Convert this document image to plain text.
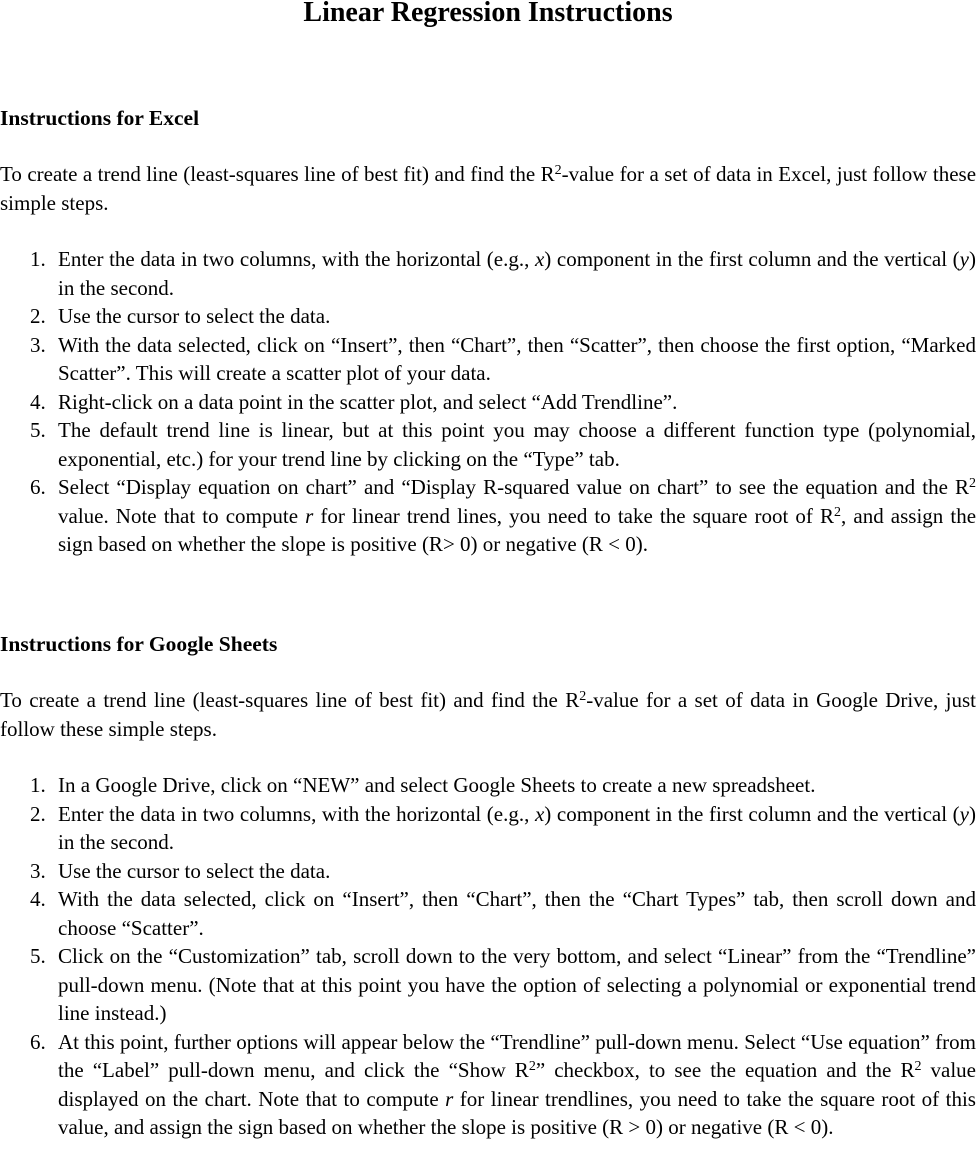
Linear Regression Instructions
Instructions for Excel
To create a trend line (least-squares line of best fit) and find the $R^2$-value for a set of data in Excel, just follow these simple steps.
1. Enter the data in two columns, with the horizontal (e.g., x) component in the first column and the vertical (y) in the second.
2. Use the cursor to select the data.
3. With the data selected, click on “Insert”, then “Chart”, then “Scatter”, then choose the first option, “Marked Scatter”. This will create a scatter plot of your data.
4. Right-click on a data point in the scatter plot, and select “Add Trendline”.
5. The default trend line is linear, but at this point you may choose a different function type (polynomial, exponential, etc.) for your trend line by clicking on the “Type” tab.
6. Select “Display equation on chart” and “Display R-squared value on chart” to see the equation and the $R^2$ value. Note that to compute r for linear trend lines, you need to take the square root of $R^2$, and assign the sign based on whether the slope is positive (R> 0) or negative (R < 0).
Instructions for Google Sheets
To create a trend line (least-squares line of best fit) and find the $R^2$-value for a set of data in Google Drive, just follow these simple steps.
1. In a Google Drive, click on “NEW” and select Google Sheets to create a new spreadsheet.
2. Enter the data in two columns, with the horizontal (e.g., x) component in the first column and the vertical (y) in the second.
3. Use the cursor to select the data.
4. With the data selected, click on “Insert”, then “Chart”, then the “Chart Types” tab, then scroll down and choose “Scatter”.
5. Click on the “Customization” tab, scroll down to the very bottom, and select “Linear” from the “Trendline” pull-down menu. (Note that at this point you have the option of selecting a polynomial or exponential trend line instead.)
6. At this point, further options will appear below the “Trendline” pull-down menu. Select “Use equation” from the “Label” pull-down menu, and click the “Show $R^2$” checkbox, to see the equation and the $R^2$ value displayed on the chart. Note that to compute r for linear trendlines, you need to take the square root of this value, and assign the sign based on whether the slope is positive (R > 0) or negative (R < 0).
